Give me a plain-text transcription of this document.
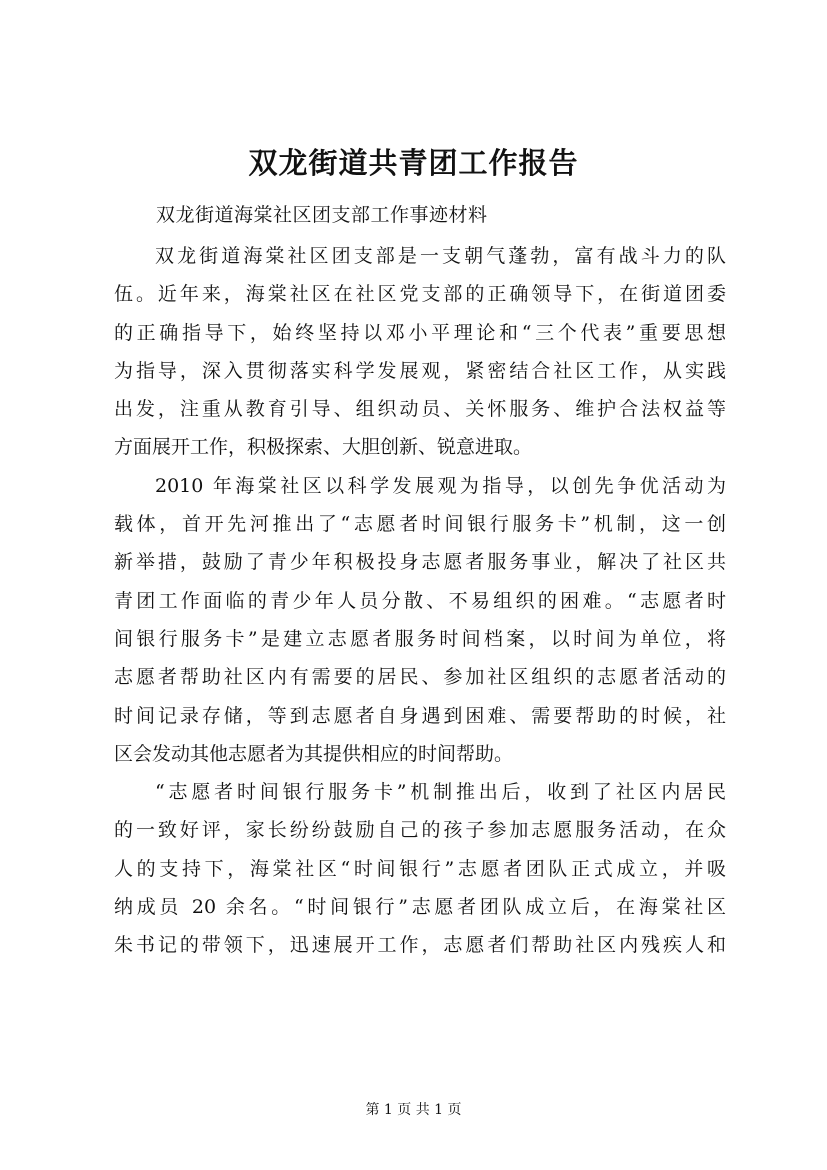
双龙街道共青团工作报告
双龙街道海棠社区团支部工作事迹材料
双龙街道海棠社区团支部是一支朝气蓬勃，富有战斗力的队
伍。近年来，海棠社区在社区党支部的正确领导下，在街道团委
的正确指导下，始终坚持以邓小平理论和“三个代表”重要思想
为指导，深入贯彻落实科学发展观，紧密结合社区工作，从实践
出发，注重从教育引导、组织动员、关怀服务、维护合法权益等
方面展开工作，积极探索、大胆创新、锐意进取。
2010 年海棠社区以科学发展观为指导，以创先争优活动为
载体，首开先河推出了“志愿者时间银行服务卡”机制，这一创
新举措，鼓励了青少年积极投身志愿者服务事业，解决了社区共
青团工作面临的青少年人员分散、不易组织的困难。“志愿者时
间银行服务卡”是建立志愿者服务时间档案，以时间为单位，将
志愿者帮助社区内有需要的居民、参加社区组织的志愿者活动的
时间记录存储，等到志愿者自身遇到困难、需要帮助的时候，社
区会发动其他志愿者为其提供相应的时间帮助。
“志愿者时间银行服务卡”机制推出后，收到了社区内居民
的一致好评，家长纷纷鼓励自己的孩子参加志愿服务活动，在众
人的支持下，海棠社区“时间银行”志愿者团队正式成立，并吸
纳成员 20 余名。“时间银行”志愿者团队成立后，在海棠社区
朱书记的带领下，迅速展开工作，志愿者们帮助社区内残疾人和
第 1 页 共 1 页
